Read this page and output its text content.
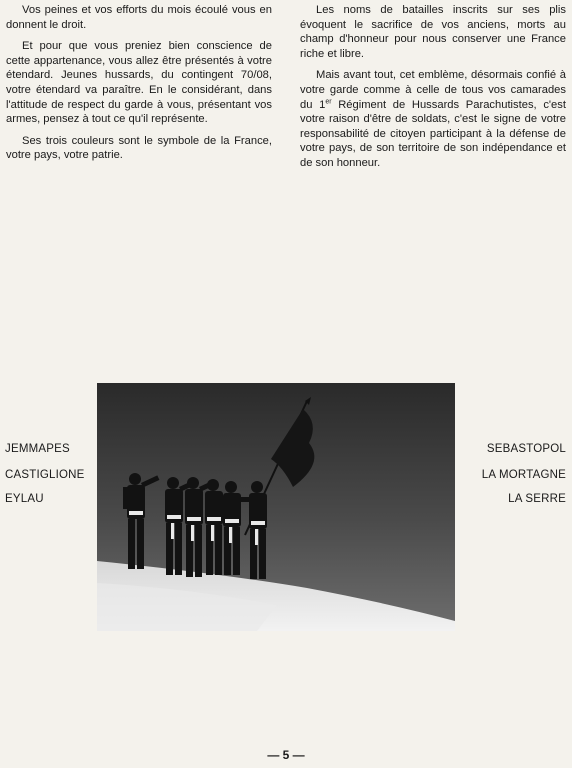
Vos peines et vos efforts du mois écoulé vous en donnent le droit.

Et pour que vous preniez bien conscience de cette appartenance, vous allez être présentés à votre étendard. Jeunes hussards, du contingent 70/08, votre étendard va paraître. En le considérant, dans l'attitude de respect du garde à vous, présentant vos armes, pensez à tout ce qu'il représente.

Ses trois couleurs sont le symbole de la France, votre pays, votre patrie.

Les noms de batailles inscrits sur ses plis évoquent le sacrifice de vos anciens, morts au champ d'honneur pour nous conserver une France riche et libre.

Mais avant tout, cet emblème, désormais confié à votre garde comme à celle de tous vos camarades du 1er Régiment de Hussards Parachutistes, c'est votre raison d'être de soldats, c'est le signe de votre responsabilité de citoyen participant à la défense de votre pays, de son territoire de son indépendance et de son honneur.

JEMMAPES
CASTIGLIONE
EYLAU
SEBASTOPOL
LA MORTAGNE
LA SERRE
— 5 —
